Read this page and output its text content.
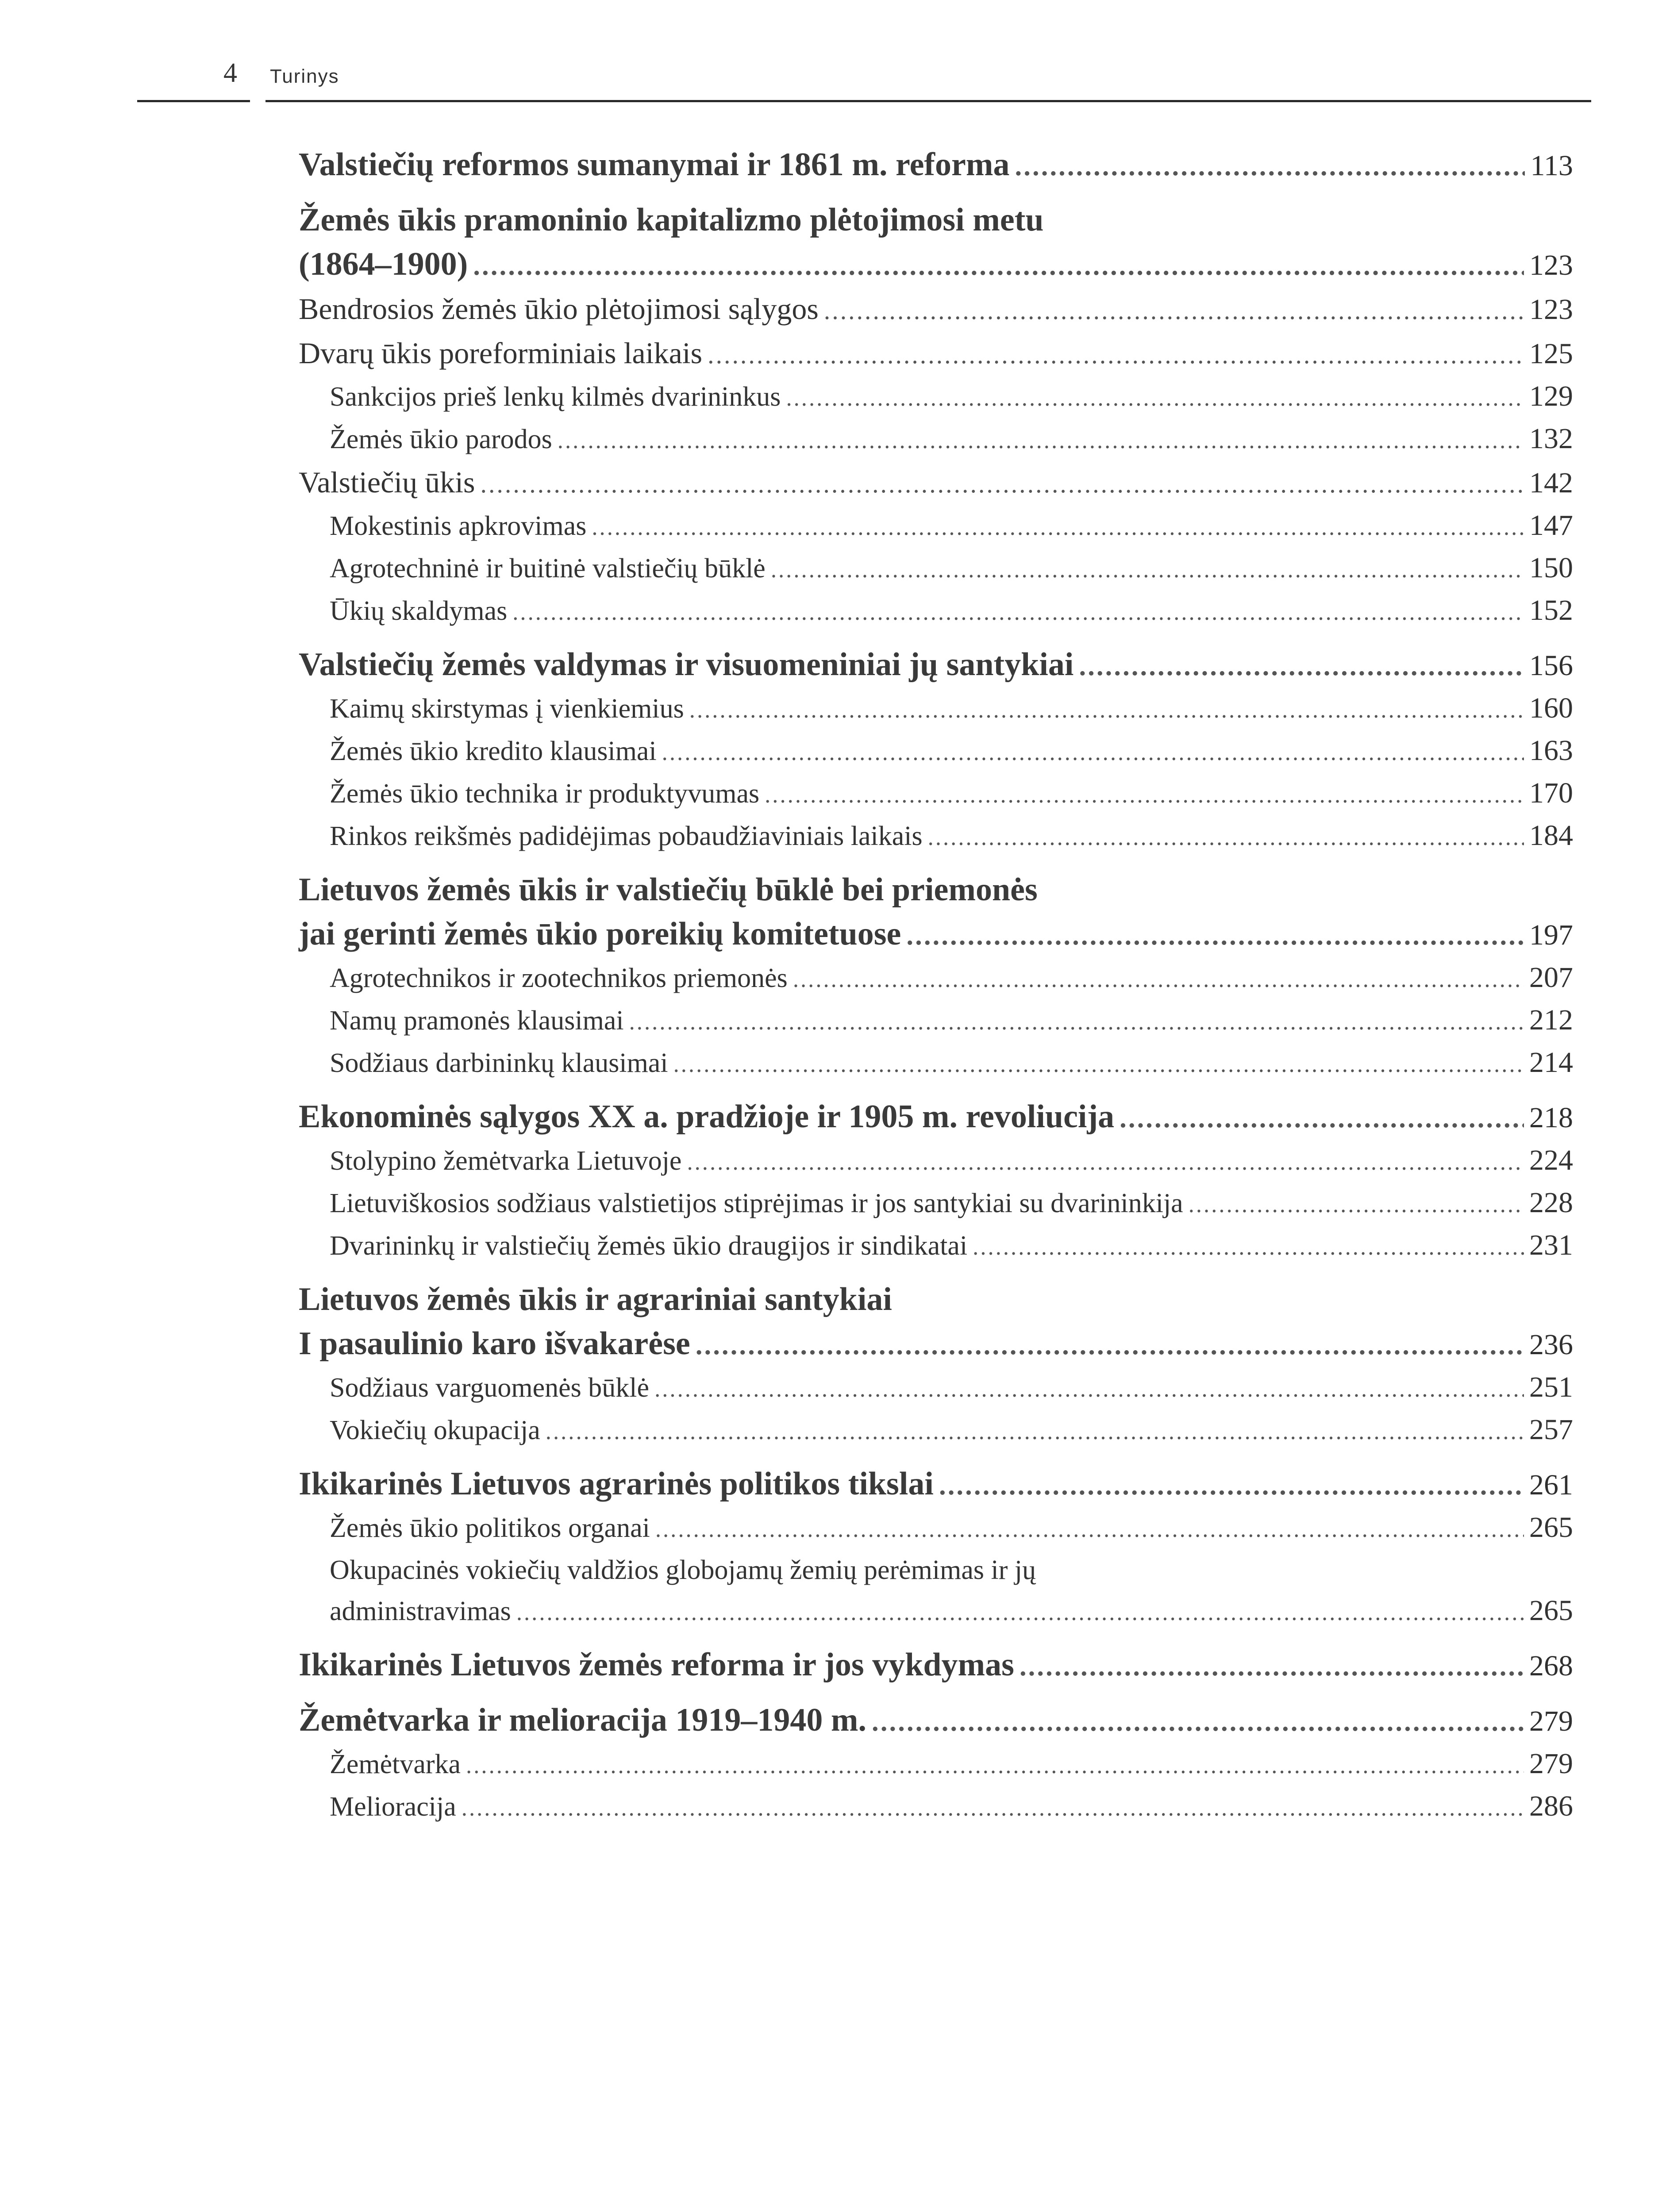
4 Turinys
Valstiečių reformos sumanymai ir 1861 m. reforma .....	113
Žemės ūkis pramoninio kapitalizmo plėtojimosi metu
(1864–1900) .....	123
Bendrosios žemės ūkio plėtojimosi sąlygos .....	123
Dvarų ūkis poreforminiais laikais .....	125
Sankcijos prieš lenkų kilmės dvarininkus .....	129
Žemės ūkio parodos .....	132
Valstiečių ūkis .....	142
Mokestinis apkrovimas .....	147
Agrotechninė ir buitinė valstiečių būklė .....	150
Ūkių skaldymas .....	152
Valstiečių žemės valdymas ir visuomeniniai jų santykiai .....	156
Kaimų skirstymas į vienkiemius .....	160
Žemės ūkio kredito klausimai .....	163
Žemės ūkio technika ir produktyvumas .....	170
Rinkos reikšmės padidėjimas pobaudžiaviniais laikais .....	184
Lietuvos žemės ūkis ir valstiečių būklė bei priemonės
jai gerinti žemės ūkio poreikių komitetuose .....	197
Agrotechnikos ir zootechnikos priemonės .....	207
Namų pramonės klausimai .....	212
Sodžiaus darbininkų klausimai .....	214
Ekonominės sąlygos XX a. pradžioje ir 1905 m. revoliucija .....	218
Stolypino žemėtvarka Lietuvoje .....	224
Lietuviškosios sodžiaus valstietijos stiprėjimas ir jos santykiai su dvarininkija .....	228
Dvarininkų ir valstiečių žemės ūkio draugijos ir sindikatai .....	231
Lietuvos žemės ūkis ir agrariniai santykiai
I pasaulinio karo išvakarėse .....	236
Sodžiaus varguomenės būklė .....	251
Vokiečių okupacija .....	257
Ikikarinės Lietuvos agrarinės politikos tikslai .....	261
Žemės ūkio politikos organai .....	265
Okupacinės vokiečių valdžios globojamų žemių perėmimas ir jų
administravimas .....	265
Ikikarinės Lietuvos žemės reforma ir jos vykdymas .....	268
Žemėtvarka ir melioracija 1919–1940 m. .....	279
Žemėtvarka .....	279
Melioracija .....	286
